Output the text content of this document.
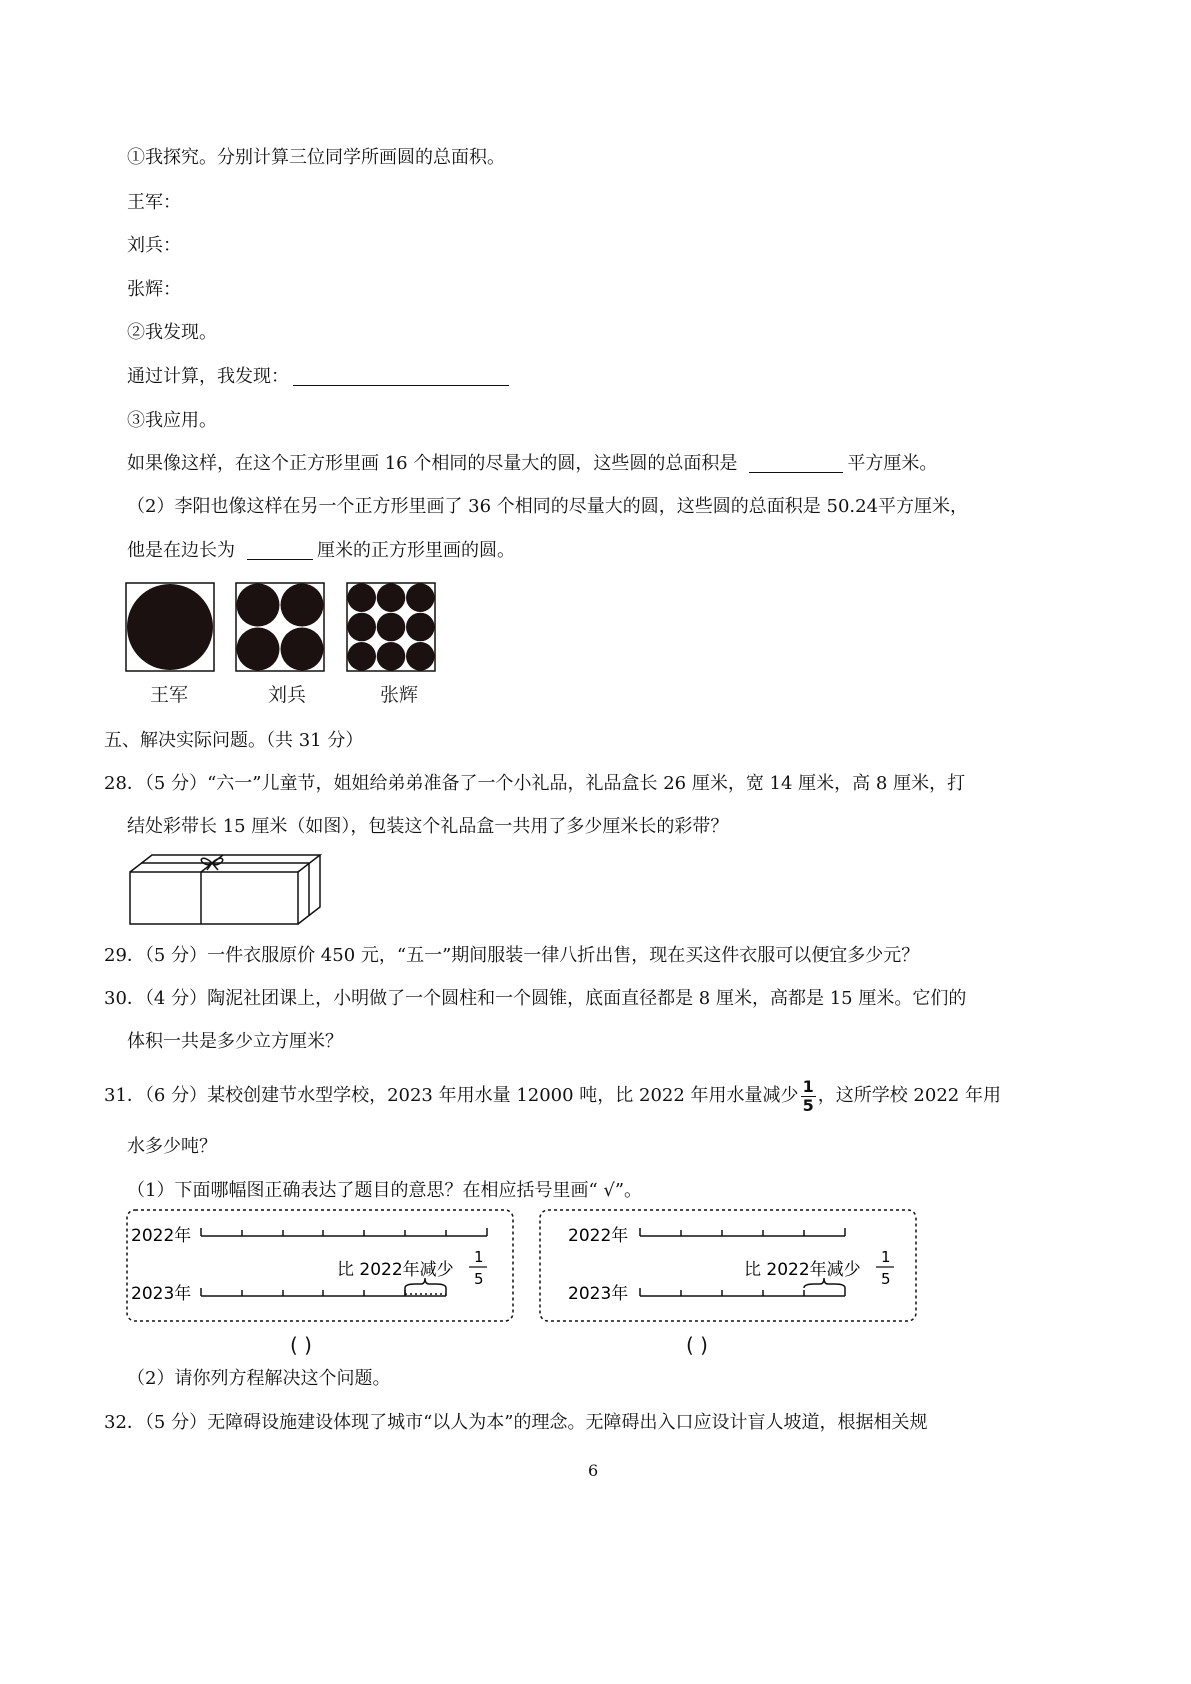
①我探究。分别计算三位同学所画圆的总面积。
王军：
刘兵：
张辉：
②我发现。
通过计算，我发现：
③我应用。
如果像这样，在这个正方形里画 16 个相同的尽量大的圆，这些圆的总面积是	平方厘米。
（2）李阳也像这样在另一个正方形里画了 36 个相同的尽量大的圆，这些圆的总面积是 50.24平方厘米，
他是在边长为	厘米的正方形里画的圆。
王军	刘兵	张辉
五、解决实际问题。（共 31 分）
28．（5 分）“六一”儿童节，姐姐给弟弟准备了一个小礼品，礼品盒长 26 厘米，宽 14 厘米，高 8 厘米，打
结处彩带长 15 厘米（如图），包装这个礼品盒一共用了多少厘米长的彩带？
29．（5 分）一件衣服原价 450 元，“五一”期间服装一律八折出售，现在买这件衣服可以便宜多少元？
30．（4 分）陶泥社团课上，小明做了一个圆柱和一个圆锥，底面直径都是 8 厘米，高都是 15 厘米。它们的
体积一共是多少立方厘米？
31．（6 分）某校创建节水型学校，2023 年用水量 12000 吨，比 2022 年用水量减少 $\frac{1}{5}$ ，这所学校 2022 年用
水多少吨？
（1）下面哪幅图正确表达了题目的意思？在相应括号里画“ √”。
2022年
2023年
比 2022年减少
1
5
( )
2022年
2023年
比 2022年减少
1
5
( )
（2）请你列方程解决这个问题。
32．（5 分）无障碍设施建设体现了城市“以人为本”的理念。无障碍出入口应设计盲人坡道，根据相关规
6
